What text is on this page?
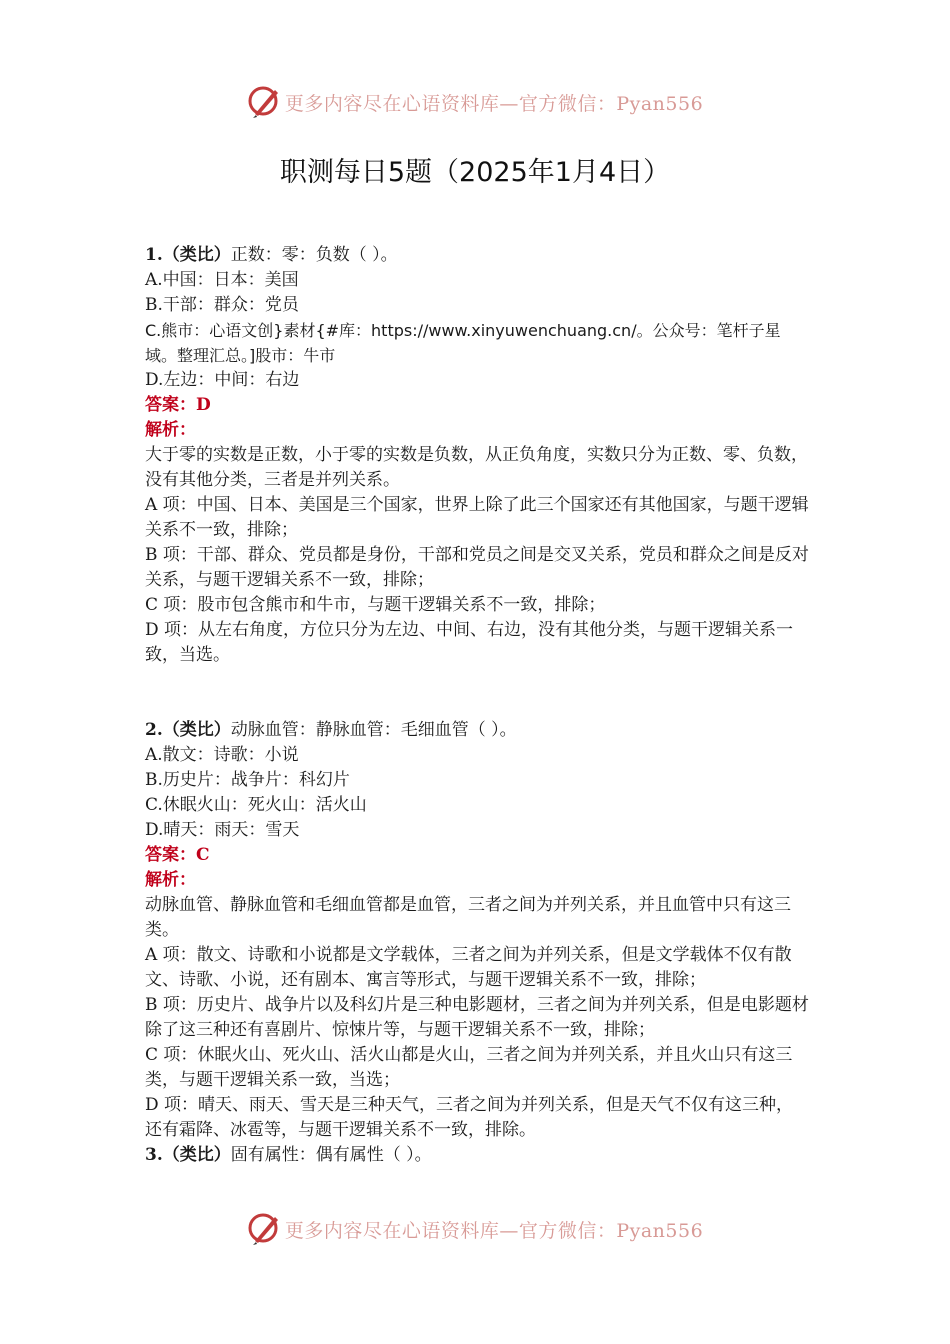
更多内容尽在心语资料库—官方微信：Pyan556
职测每日5题（2025年1月4日）

1.（类比）正数：零：负数（ ）。

A.中国：日本：美国

B.干部：群众：党员

C.熊市：心语文创}素材{#库：https://www.xinyuwenchuang.cn/。公众号：笔杆子星域。整理汇总。]股市：牛市

D.左边：中间：右边

答案：D

解析：

大于零的实数是正数，小于零的实数是负数，从正负角度，实数只分为正数、零、负数，没有其他分类，三者是并列关系。

A 项：中国、日本、美国是三个国家，世界上除了此三个国家还有其他国家，与题干逻辑关系不一致，排除；

B 项：干部、群众、党员都是身份，干部和党员之间是交叉关系，党员和群众之间是反对关系，与题干逻辑关系不一致，排除；

C 项：股市包含熊市和牛市，与题干逻辑关系不一致，排除；

D 项：从左右角度，方位只分为左边、中间、右边，没有其他分类，与题干逻辑关系一致，当选。

2.（类比）动脉血管：静脉血管：毛细血管（ ）。

A.散文：诗歌：小说

B.历史片：战争片：科幻片

C.休眠火山：死火山：活火山

D.晴天：雨天：雪天

答案：C

解析：

动脉血管、静脉血管和毛细血管都是血管，三者之间为并列关系，并且血管中只有这三类。

A 项：散文、诗歌和小说都是文学载体，三者之间为并列关系，但是文学载体不仅有散文、诗歌、小说，还有剧本、寓言等形式，与题干逻辑关系不一致，排除；

B 项：历史片、战争片以及科幻片是三种电影题材，三者之间为并列关系，但是电影题材除了这三种还有喜剧片、惊悚片等，与题干逻辑关系不一致，排除；

C 项：休眠火山、死火山、活火山都是火山，三者之间为并列关系，并且火山只有这三类，与题干逻辑关系一致，当选；

D 项：晴天、雨天、雪天是三种天气，三者之间为并列关系，但是天气不仅有这三种，还有霜降、冰雹等，与题干逻辑关系不一致，排除。

3.（类比）固有属性：偶有属性（ ）。

更多内容尽在心语资料库—官方微信：Pyan556
